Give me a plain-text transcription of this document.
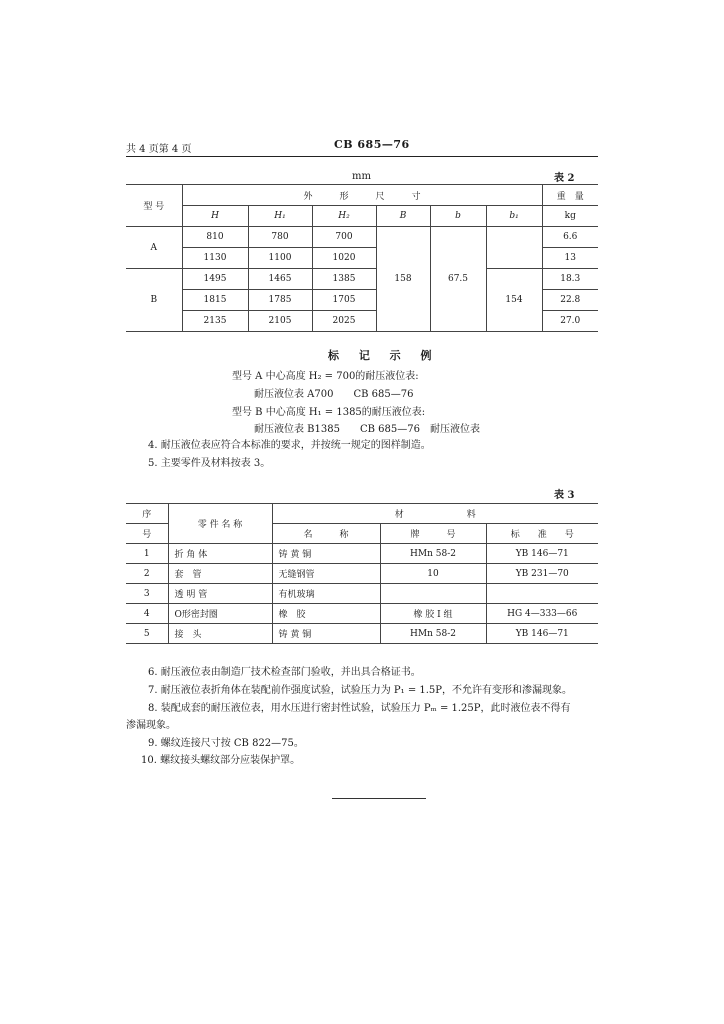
共 4 页第 4 页	CB 685—76
mm	表 2
型 号	外　　　形　　　尺　　　寸						重　量
	H	H₁	H₂	B	b	b₁	kg
A	810	780	700	158	67.5		6.6
	1130	1100	1020				13
B	1495	1465	1385			154	18.3
	1815	1785	1705				22.8
	2135	2105	2025				27.0
标 记 示 例
型号 A 中心高度 H₂ = 700的耐压液位表:
耐压液位表 A700　　CB 685—76
型号 B 中心高度 H₁ = 1385的耐压液位表:
耐压液位表 B1385　　CB 685—76　耐压液位表
4. 耐压液位表应符合本标准的要求，并按统一规定的图样制造。
5. 主要零件及材料按表 3。
表 3
序	零 件 名 称	材　　　　　　　料		
号		名　　　称	牌　　　号	标　　准　　号
1	折 角 体	铸 黄 铜	HMn 58-2	YB 146—71
2	套　管	无缝钢管	10	YB 231—70
3	透 明 管	有机玻璃		
4	O形密封圈	橡　胶	橡 胶 I 组	HG 4—333—66
5	接　头	铸 黄 铜	HMn 58-2	YB 146—71
6. 耐压液位表由制造厂技术检查部门验收，并出具合格证书。
7. 耐压液位表折角体在装配前作强度试验，试验压力为 P₁ = 1.5P，不允许有变形和渗漏现象。
8. 装配成套的耐压液位表，用水压进行密封性试验，试验压力 Pₘ = 1.25P，此时液位表不得有
渗漏现象。
9. 螺纹连接尺寸按 CB 822—75。
10. 螺纹接头螺纹部分应装保护罩。
